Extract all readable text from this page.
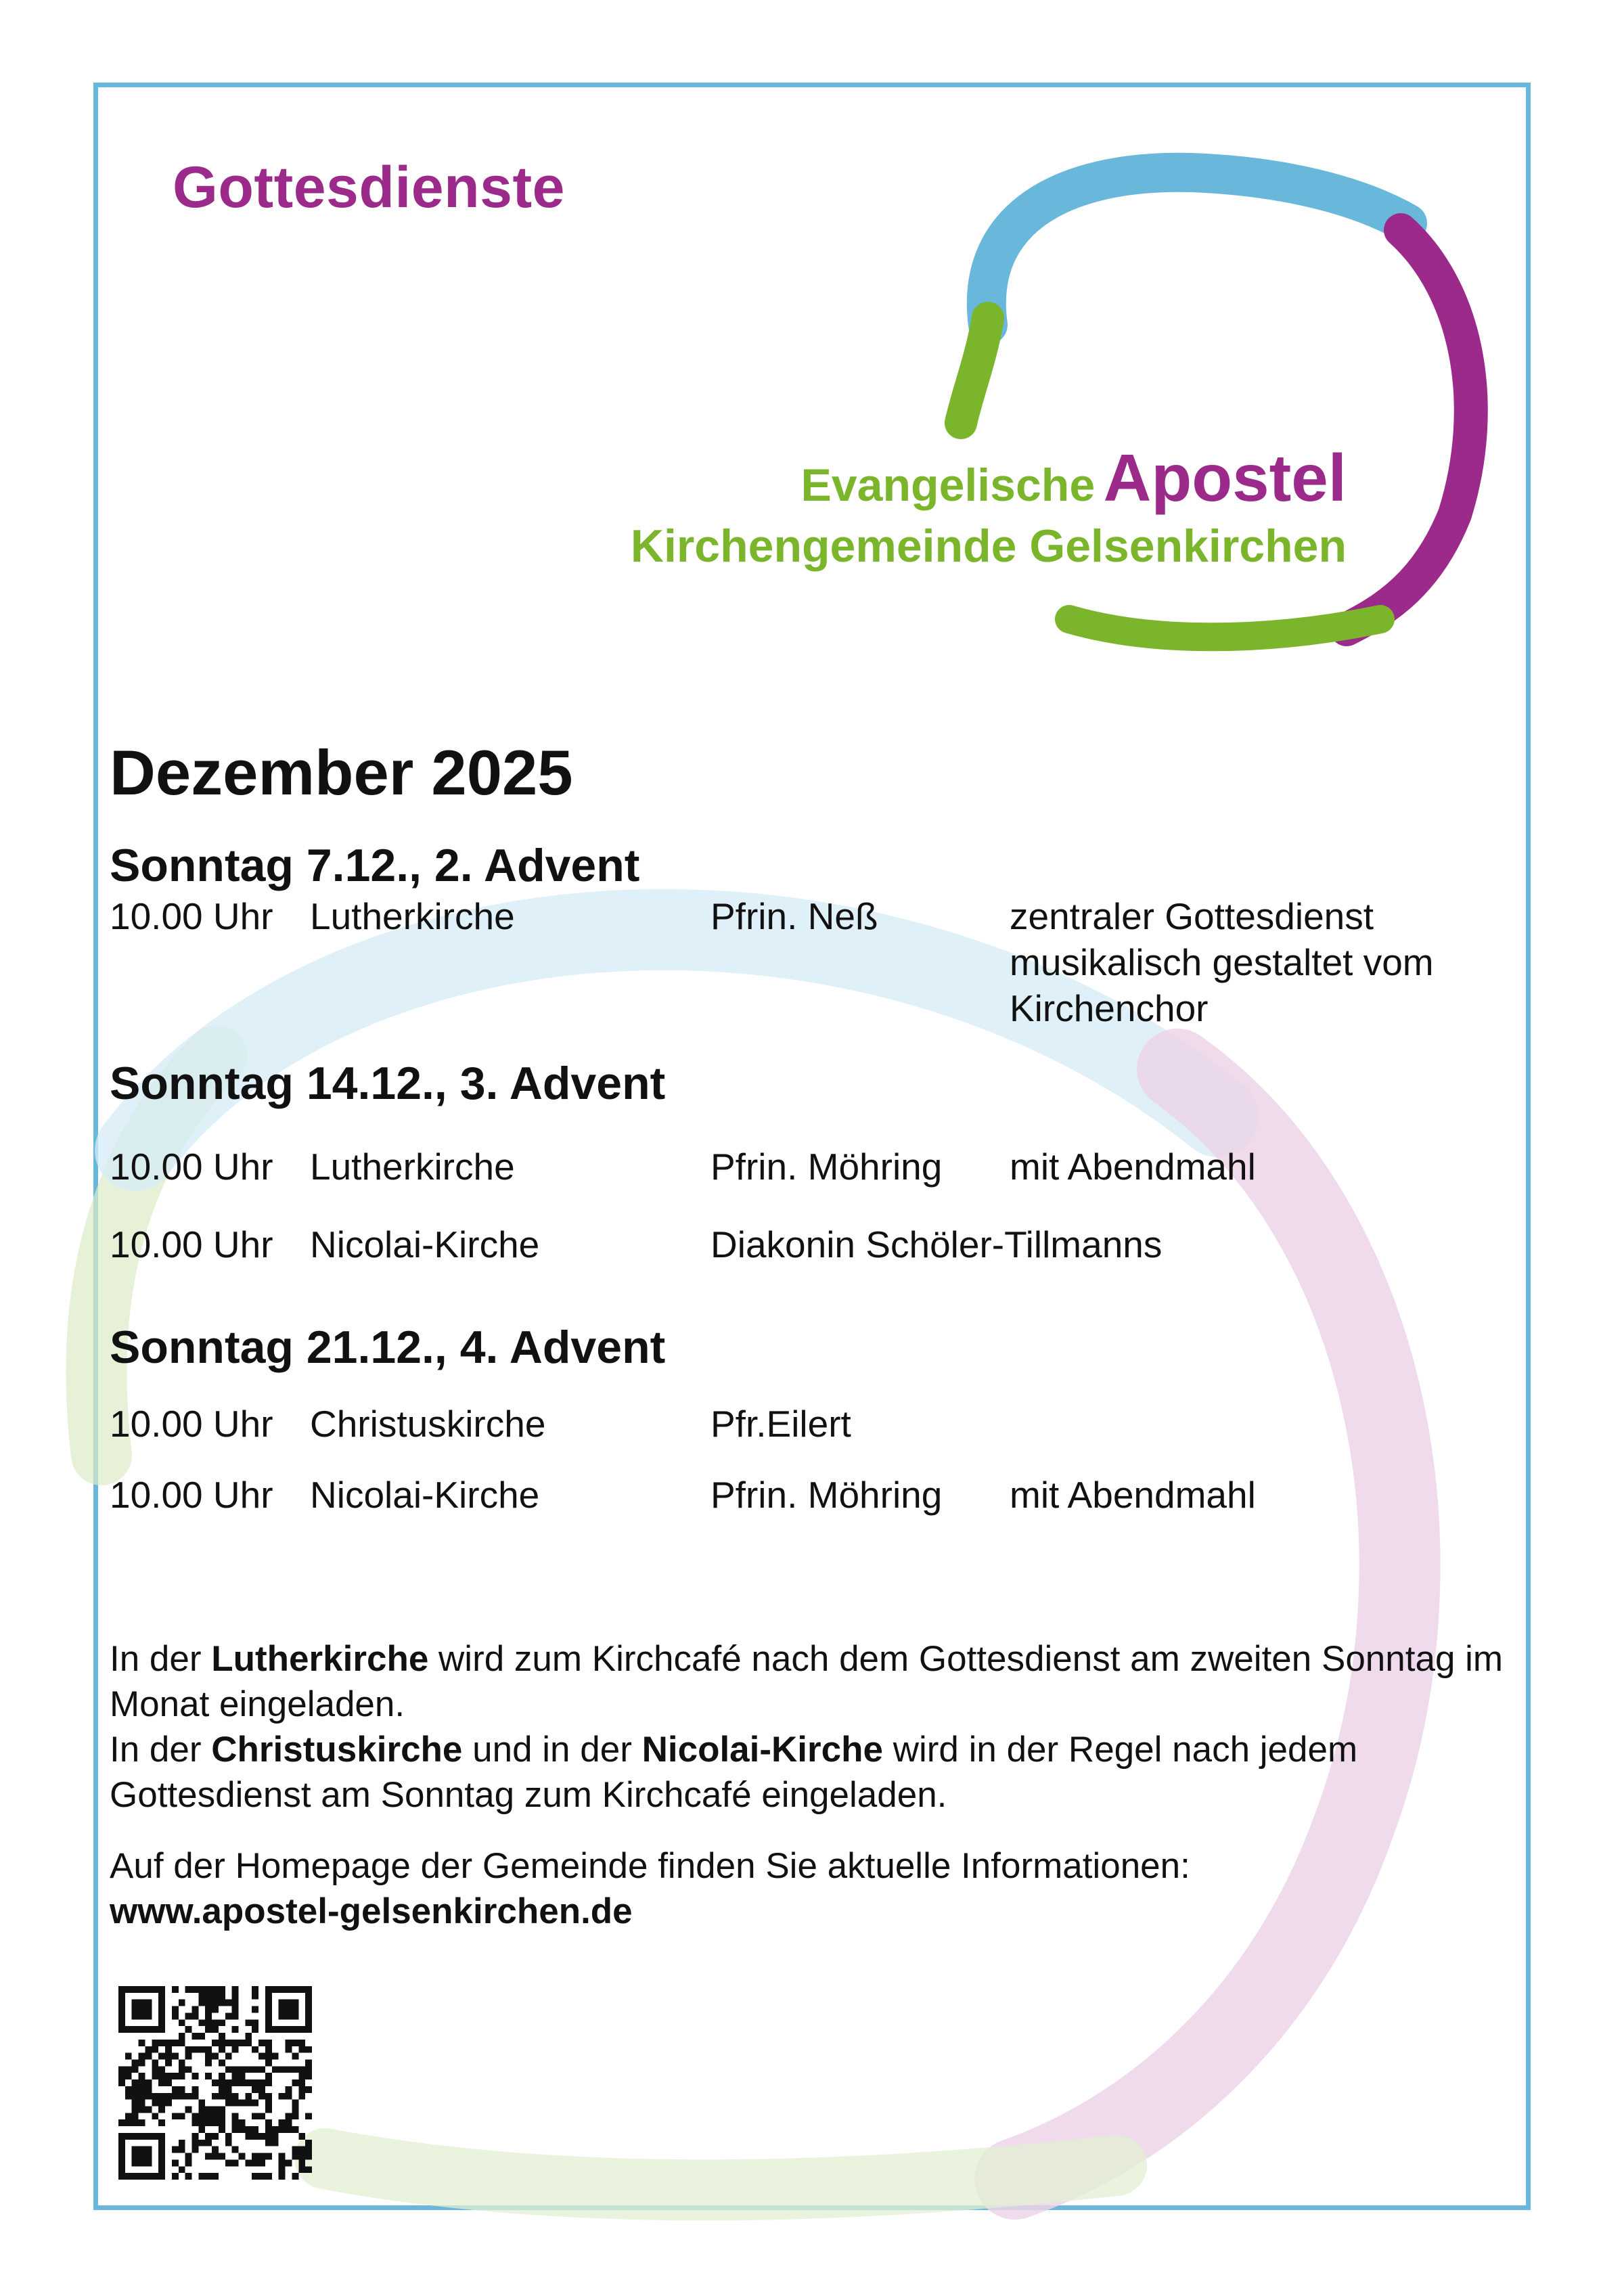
Gottesdienste
Evangelische Apostel
Kirchengemeinde Gelsenkirchen
Dezember 2025
Sonntag 7.12., 2. Advent
10.00 Uhr Lutherkirche	Pfrin. Neß	zentraler Gottesdienst
musikalisch gestaltet vom
Kirchenchor
Sonntag 14.12., 3. Advent
10.00 Uhr Lutherkirche	Pfrin. Möhring mit Abendmahl
10.00 Uhr Nicolai-Kirche	Diakonin Schöler-Tillmanns
Sonntag 21.12., 4. Advent
10.00 Uhr Christuskirche	Pfr.Eilert
10.00 Uhr Nicolai-Kirche	Pfrin. Möhring mit Abendmahl
In der Lutherkirche wird zum Kirchcafé nach dem Gottesdienst am zweiten Sonntag im Monat eingeladen.
In der Christuskirche und in der Nicolai-Kirche wird in der Regel nach jedem Gottesdienst am Sonntag zum Kirchcafé eingeladen.
Auf der Homepage der Gemeinde finden Sie aktuelle Informationen:
www.apostel-gelsenkirchen.de
